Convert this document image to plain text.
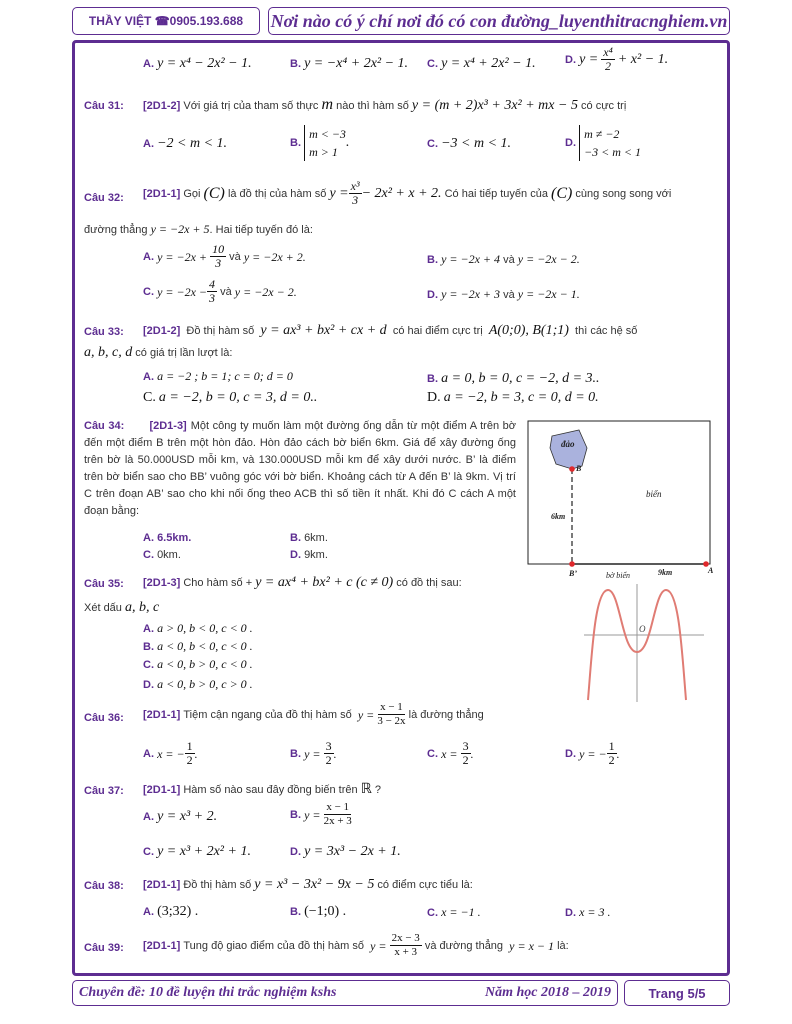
THẦY VIỆT ☎0905.193.688	Nơi nào có ý chí nơi đó có con đường_luyenthitracnghiem.vn
A. y = x⁴ − 2x² − 1.	B. y = −x⁴ + 2x² − 1. C. y = x⁴ + 2x² − 1.	D.
y =
$\frac{\text{x⁴}}{2}$
+ x² − 1.
Câu 31: [2D1-2] Với giá trị của tham số thực m nào thì hàm số y = (m + 2)x³ + 3x² + mx − 5 có cực trị
A. −2 < m < 1.	B.

m < −3
m > 1
.	C. −3 < m < 1.	D.

m ≠ −2
−3 < m < 1
Câu 32: [2D1-1]
Gọi
(C)
là đồ thị của hàm số
$y = \frac{\text{x³}}{3} - 2x^2 + x + 2$.
Có hai tiếp tuyến của
(C)
cùng song song với
đường thẳng y = −2x + 5. Hai tiếp tuyến đó là:
A.
y = −2x +
$\frac{10}{3}$
và
y = −2x + 2.	B. y = −2x + 4 và y = −2x − 2.
C.
$y = -2x - \frac{4}{3}$
và
y = −2x − 2.	D. y = −2x + 3 và y = −2x − 1.
Câu 33: [2D1-2] Đồ thị hàm số y = ax³ + bx² + cx + d có hai điểm cực trị A(0;0), B(1;1) thì các hệ số
a, b, c, d có giá trị lần lượt là:
A. a = −2 ; b = 1; c = 0; d = 0	B. a = 0, b = 0, c = −2, d = 3..
C. a = −2, b = 0, c = 3, d = 0..	D. a = −2, b = 3, c = 0, d = 0.
Câu 34: [2D1-3] Một công ty muốn làm một đường ống dẫn từ một điểm A trên bờ đến một điểm B trên một hòn đảo. Hòn đảo cách bờ biển 6km. Giá để xây đường ống trên bờ là 50.000USD mỗi km, và 130.000USD mỗi km để xây dưới nước. B’ là điểm trên bờ biển sao cho BB’ vuông góc với bờ biển. Khoảng cách từ A đến B’ là 9km. Vị trí C trên đoạn AB’ sao cho khi nối ống theo ACB thì số tiền ít nhất. Khi đó C cách A một đoạn bằng:
A. 6.5km.	B. 6km.
C. 0km.	D. 9km.
đảo
B
biển
6km
B’	bờ biển	9km	A
Câu 35: [2D1-3] Cho hàm số + y = ax⁴ + bx² + c (c ≠ 0) có đồ thị sau:
Xét dấu a, b, c
A. a > 0, b < 0, c < 0 .
B. a < 0, b < 0, c < 0 .
C. a < 0, b > 0, c < 0 .
D. a < 0, b > 0, c > 0 .
O
Câu 36: [2D1-1]
Tiệm cận ngang của đồ thị hàm số
y =
$\frac{x - 1}{3 - 2x}$
là đường thẳng
A.
x = − $\frac{1}{2}$ .	B.
y =
$\frac{3}{2}$ .	C.
x =
$\frac{3}{2}$ .	D.
y = − $\frac{1}{2}$ .
Câu 37: [2D1-1] Hàm số nào sau đây đồng biến trên ℝ ?
A. y = x³ + 2.	B.
y =
$\frac{x - 1}{2x + 3}$
C. y = x³ + 2x² + 1.	D. y = 3x³ − 2x + 1.
Câu 38: [2D1-1] Đồ thị hàm số y = x³ − 3x² − 9x − 5 có điểm cực tiểu là:
A. (3;32) .	B. (−1;0) .	C. x = −1 .	D. x = 3 .
Câu 39: [2D1-1]
Tung độ giao điểm của đồ thị hàm số
y =
$\frac{2x - 3}{x + 3}$
và đường thẳng
y = x − 1
là:
Chuyên đề: 10 đề luyện thi trắc nghiệm kshs	Năm học 2018 – 2019	Trang 5/5
